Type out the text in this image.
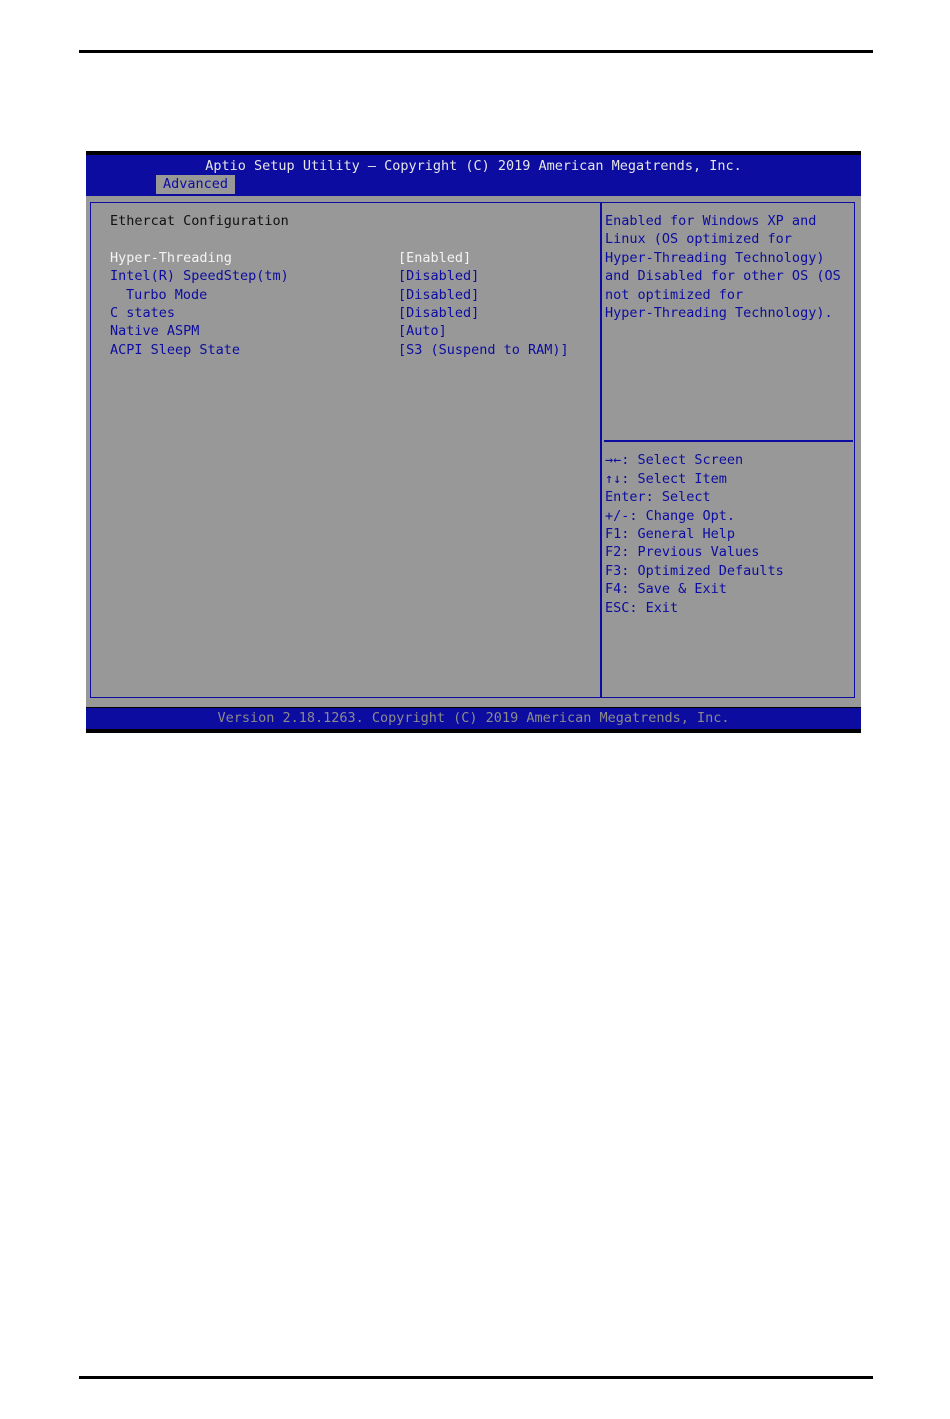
Aptio Setup Utility – Copyright (C) 2019 American Megatrends, Inc.
Advanced
Ethercat Configuration
Hyper-Threading	[Enabled]
Intel(R) SpeedStep(tm)	[Disabled]
Turbo Mode	[Disabled]
C states	[Disabled]
Native ASPM	[Auto]
ACPI Sleep State	[S3 (Suspend to RAM)]
Enabled for Windows XP and
Linux (OS optimized for
Hyper-Threading Technology)
and Disabled for other OS (OS
not optimized for
Hyper-Threading Technology).
→←: Select Screen
↑↓: Select Item
Enter: Select
+/-: Change Opt.
F1: General Help
F2: Previous Values
F3: Optimized Defaults
F4: Save & Exit
ESC: Exit
Version 2.18.1263. Copyright (C) 2019 American Megatrends, Inc.
